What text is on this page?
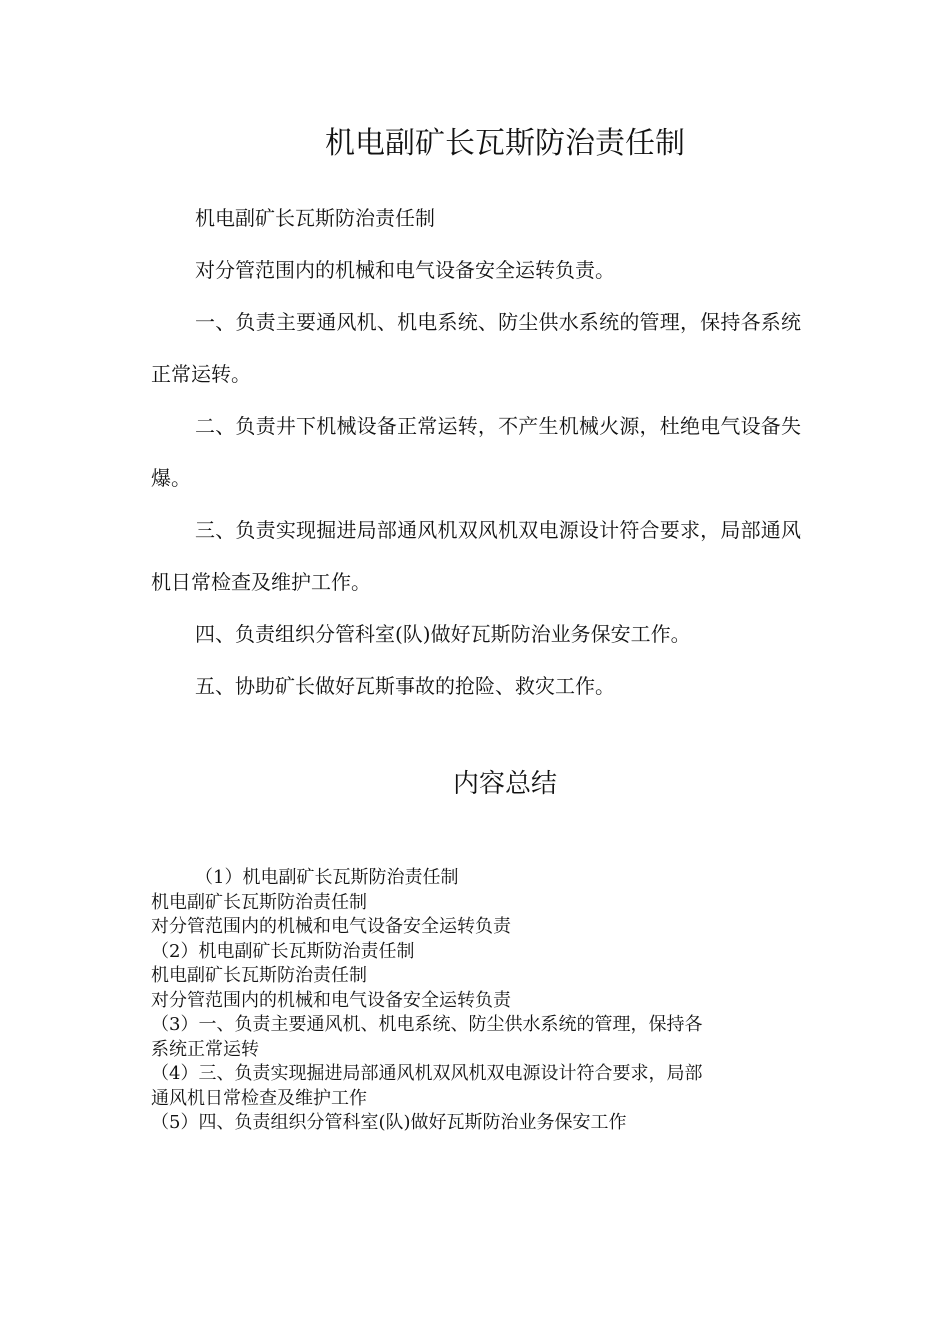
机电副矿长瓦斯防治责任制

机电副矿长瓦斯防治责任制

对分管范围内的机械和电气设备安全运转负责。

一、负责主要通风机、机电系统、防尘供水系统的管理，保持各系统正常运转。

二、负责井下机械设备正常运转，不产生机械火源，杜绝电气设备失爆。

三、负责实现掘进局部通风机双风机双电源设计符合要求，局部通风机日常检查及维护工作。

四、负责组织分管科室(队)做好瓦斯防治业务保安工作。

五、协助矿长做好瓦斯事故的抢险、救灾工作。

内容总结

（1）机电副矿长瓦斯防治责任制

机电副矿长瓦斯防治责任制

对分管范围内的机械和电气设备安全运转负责

（2）机电副矿长瓦斯防治责任制

机电副矿长瓦斯防治责任制

对分管范围内的机械和电气设备安全运转负责

（3）一、负责主要通风机、机电系统、防尘供水系统的管理，保持各

系统正常运转

（4）三、负责实现掘进局部通风机双风机双电源设计符合要求，局部

通风机日常检查及维护工作

（5）四、负责组织分管科室(队)做好瓦斯防治业务保安工作
